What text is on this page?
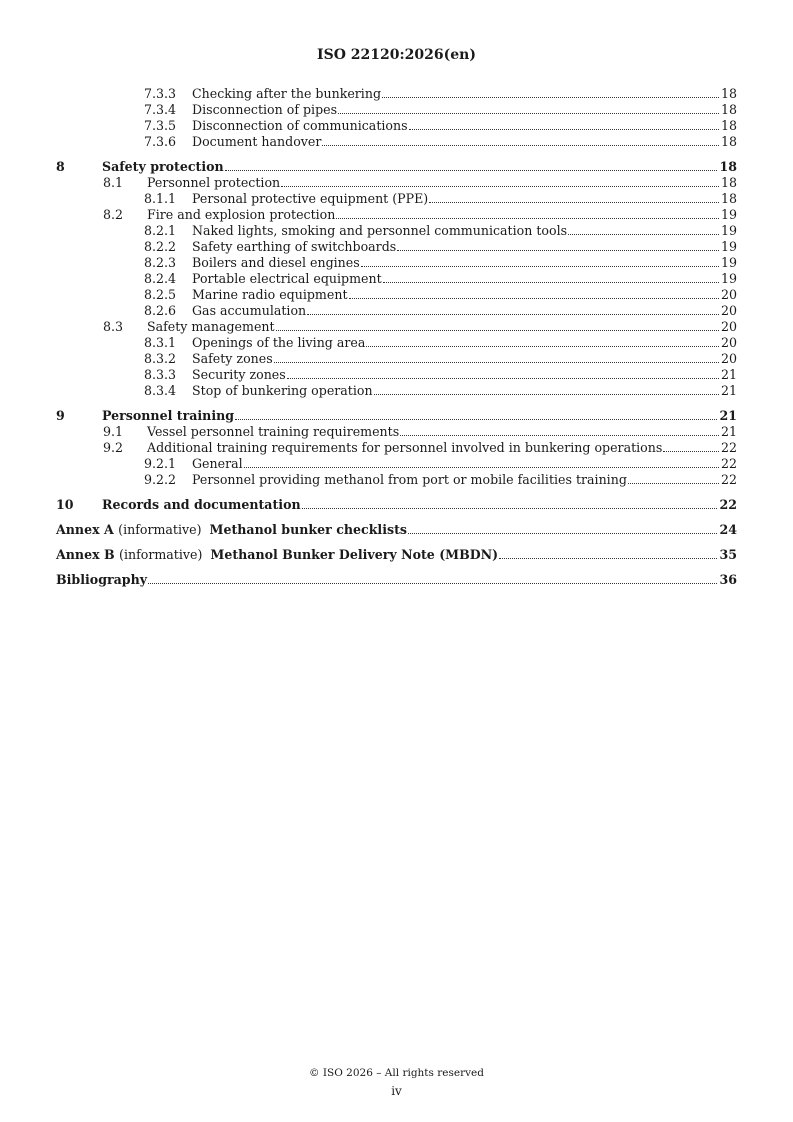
ISO 22120:2026(en)
7.3.3	Checking after the bunkering	18
7.3.4	Disconnection of pipes	18
7.3.5	Disconnection of communications	18
7.3.6	Document handover	18
8	Safety protection	18
8.1	Personnel protection	18
8.1.1	Personal protective equipment (PPE)	18
8.2	Fire and explosion protection	19
8.2.1	Naked lights, smoking and personnel communication tools	19
8.2.2	Safety earthing of switchboards	19
8.2.3	Boilers and diesel engines	19
8.2.4	Portable electrical equipment	19
8.2.5	Marine radio equipment	20
8.2.6	Gas accumulation	20
8.3	Safety management	20
8.3.1	Openings of the living area	20
8.3.2	Safety zones	20
8.3.3	Security zones	21
8.3.4	Stop of bunkering operation	21
9	Personnel training	21
9.1	Vessel personnel training requirements	21
9.2	Additional training requirements for personnel involved in bunkering operations	22
9.2.1	General	22
9.2.2	Personnel providing methanol from port or mobile facilities training	22
10	Records and documentation	22
Annex A (informative) Methanol bunker checklists	24
Annex B (informative) Methanol Bunker Delivery Note (MBDN)	35
Bibliography	36
© ISO 2026 – All rights reserved
iv
